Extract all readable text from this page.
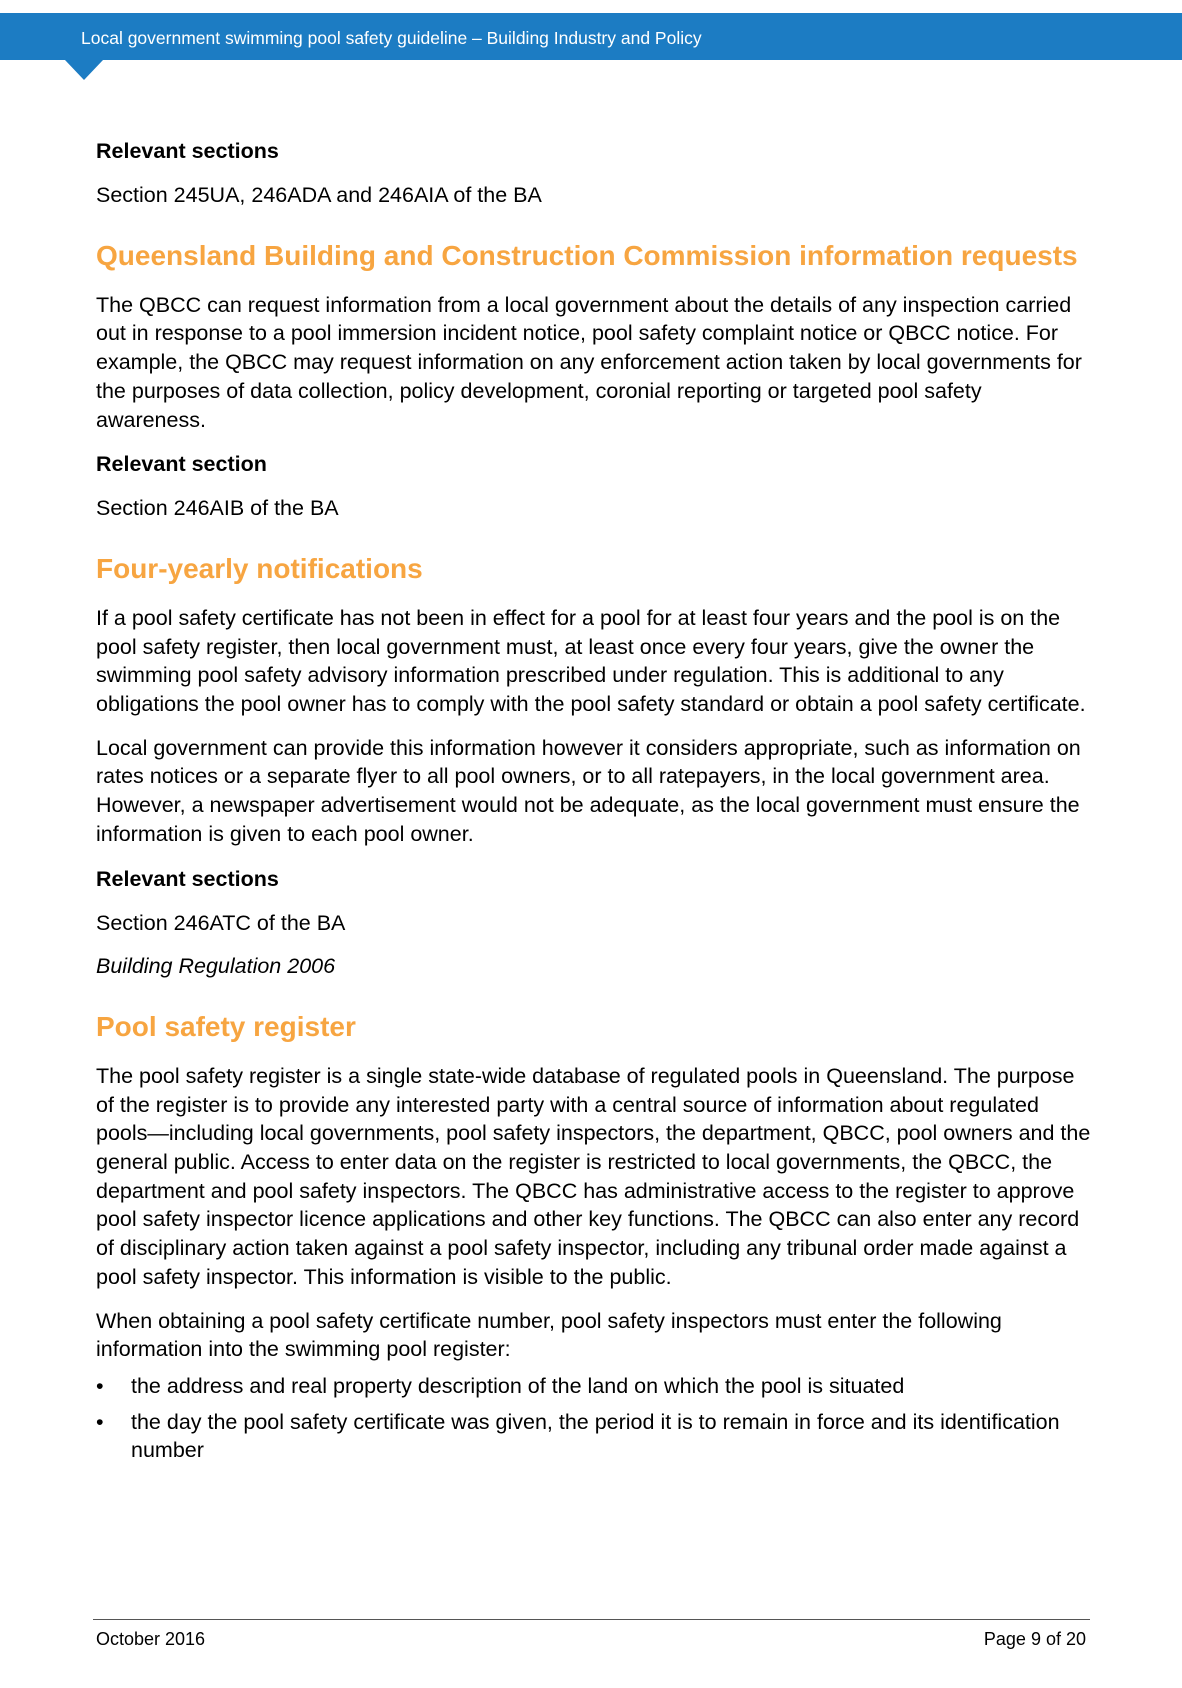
Local government swimming pool safety guideline – Building Industry and Policy
Relevant sections

Section 245UA, 246ADA and 246AIA of the BA

Queensland Building and Construction Commission information requests

The QBCC can request information from a local government about the details of any inspection carried out in response to a pool immersion incident notice, pool safety complaint notice or QBCC notice. For example, the QBCC may request information on any enforcement action taken by local governments for the purposes of data collection, policy development, coronial reporting or targeted pool safety awareness.

Relevant section

Section 246AIB of the BA

Four-yearly notifications

If a pool safety certificate has not been in effect for a pool for at least four years and the pool is on the pool safety register, then local government must, at least once every four years, give the owner the swimming pool safety advisory information prescribed under regulation. This is additional to any obligations the pool owner has to comply with the pool safety standard or obtain a pool safety certificate.

Local government can provide this information however it considers appropriate, such as information on rates notices or a separate flyer to all pool owners, or to all ratepayers, in the local government area. However, a newspaper advertisement would not be adequate, as the local government must ensure the information is given to each pool owner.

Relevant sections

Section 246ATC of the BA

Building Regulation 2006

Pool safety register

The pool safety register is a single state-wide database of regulated pools in Queensland. The purpose of the register is to provide any interested party with a central source of information about regulated pools—including local governments, pool safety inspectors, the department, QBCC, pool owners and the general public. Access to enter data on the register is restricted to local governments, the QBCC, the department and pool safety inspectors. The QBCC has administrative access to the register to approve pool safety inspector licence applications and other key functions. The QBCC can also enter any record of disciplinary action taken against a pool safety inspector, including any tribunal order made against a pool safety inspector. This information is visible to the public.

When obtaining a pool safety certificate number, pool safety inspectors must enter the following information into the swimming pool register:

• the address and real property description of the land on which the pool is situated
• the day the pool safety certificate was given, the period it is to remain in force and its identification number
October 2016	Page 9 of 20
